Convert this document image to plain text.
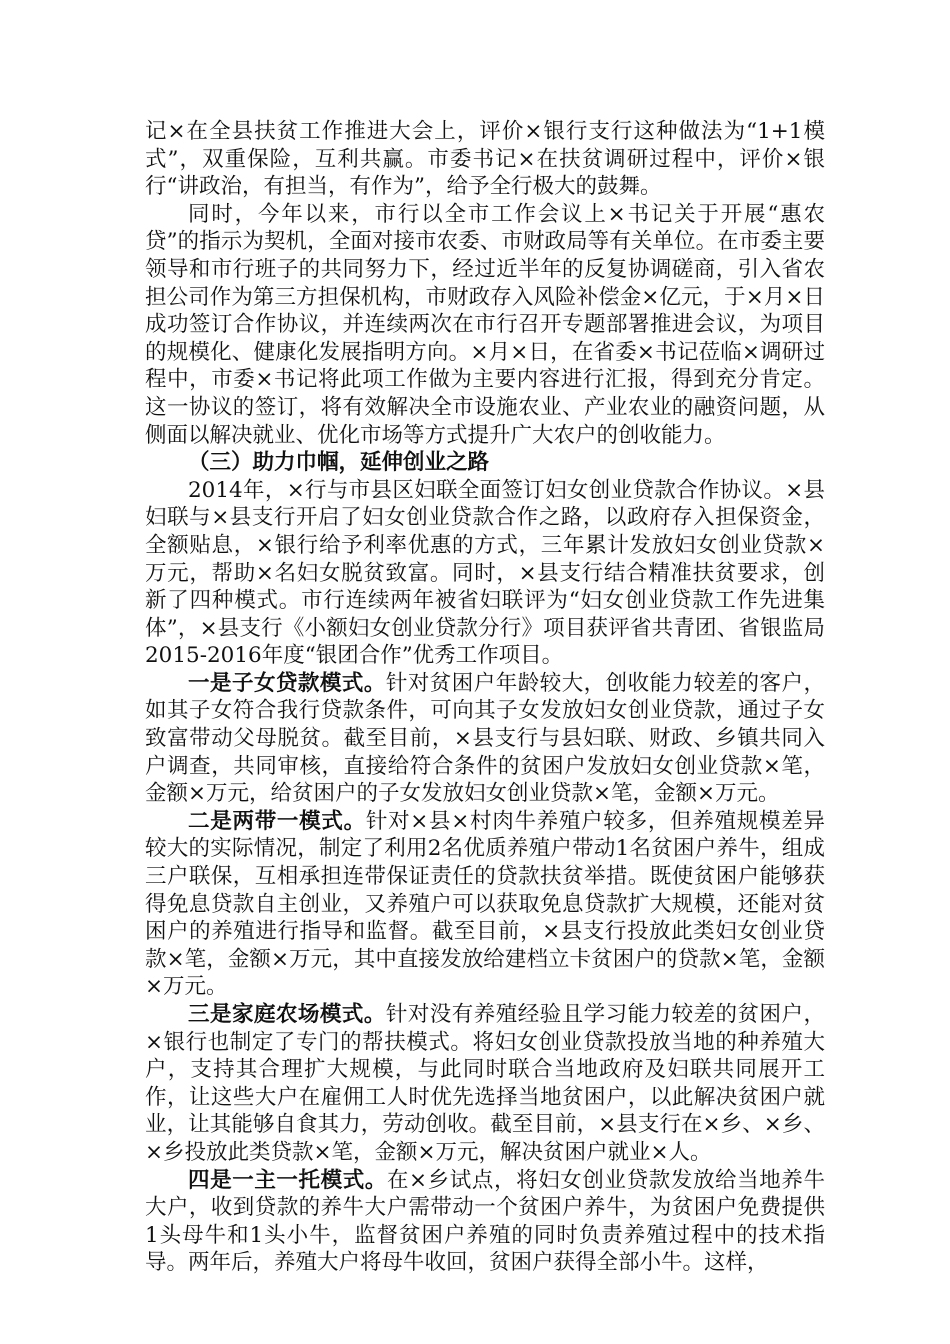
记×在全县扶贫工作推进大会上，评价×银行支行这种做法为“1+1模式”，双重保险，互利共赢。市委书记×在扶贫调研过程中，评价×银行“讲政治，有担当，有作为”，给予全行极大的鼓舞。

同时，今年以来，市行以全市工作会议上×书记关于开展“惠农贷”的指示为契机，全面对接市农委、市财政局等有关单位。在市委主要领导和市行班子的共同努力下，经过近半年的反复协调磋商，引入省农担公司作为第三方担保机构，市财政存入风险补偿金×亿元，于×月×日成功签订合作协议，并连续两次在市行召开专题部署推进会议，为项目的规模化、健康化发展指明方向。×月×日，在省委×书记莅临×调研过程中，市委×书记将此项工作做为主要内容进行汇报，得到充分肯定。这一协议的签订，将有效解决全市设施农业、产业农业的融资问题，从侧面以解决就业、优化市场等方式提升广大农户的创收能力。

（三）助力巾帼，延伸创业之路

2014年，×行与市县区妇联全面签订妇女创业贷款合作协议。×县妇联与×县支行开启了妇女创业贷款合作之路，以政府存入担保资金，全额贴息，×银行给予利率优惠的方式，三年累计发放妇女创业贷款×万元，帮助×名妇女脱贫致富。同时，×县支行结合精准扶贫要求，创新了四种模式。市行连续两年被省妇联评为“妇女创业贷款工作先进集体”，×县支行《小额妇女创业贷款分行》项目获评省共青团、省银监局2015-2016年度“银团合作”优秀工作项目。

一是子女贷款模式。针对贫困户年龄较大，创收能力较差的客户，如其子女符合我行贷款条件，可向其子女发放妇女创业贷款，通过子女致富带动父母脱贫。截至目前，×县支行与县妇联、财政、乡镇共同入户调查，共同审核，直接给符合条件的贫困户发放妇女创业贷款×笔，金额×万元，给贫困户的子女发放妇女创业贷款×笔，金额×万元。

二是两带一模式。针对×县×村肉牛养殖户较多，但养殖规模差异较大的实际情况，制定了利用2名优质养殖户带动1名贫困户养牛，组成三户联保，互相承担连带保证责任的贷款扶贫举措。既使贫困户能够获得免息贷款自主创业，又养殖户可以获取免息贷款扩大规模，还能对贫困户的养殖进行指导和监督。截至目前，×县支行投放此类妇女创业贷款×笔，金额×万元，其中直接发放给建档立卡贫困户的贷款×笔，金额×万元。

三是家庭农场模式。针对没有养殖经验且学习能力较差的贫困户，×银行也制定了专门的帮扶模式。将妇女创业贷款投放当地的种养殖大户，支持其合理扩大规模，与此同时联合当地政府及妇联共同展开工作，让这些大户在雇佣工人时优先选择当地贫困户，以此解决贫困户就业，让其能够自食其力，劳动创收。截至目前，×县支行在×乡、×乡、×乡投放此类贷款×笔，金额×万元，解决贫困户就业×人。

四是一主一托模式。在×乡试点，将妇女创业贷款发放给当地养牛大户，收到贷款的养牛大户需带动一个贫困户养牛，为贫困户免费提供1头母牛和1头小牛，监督贫困户养殖的同时负责养殖过程中的技术指导。两年后，养殖大户将母牛收回，贫困户获得全部小牛。这样，
